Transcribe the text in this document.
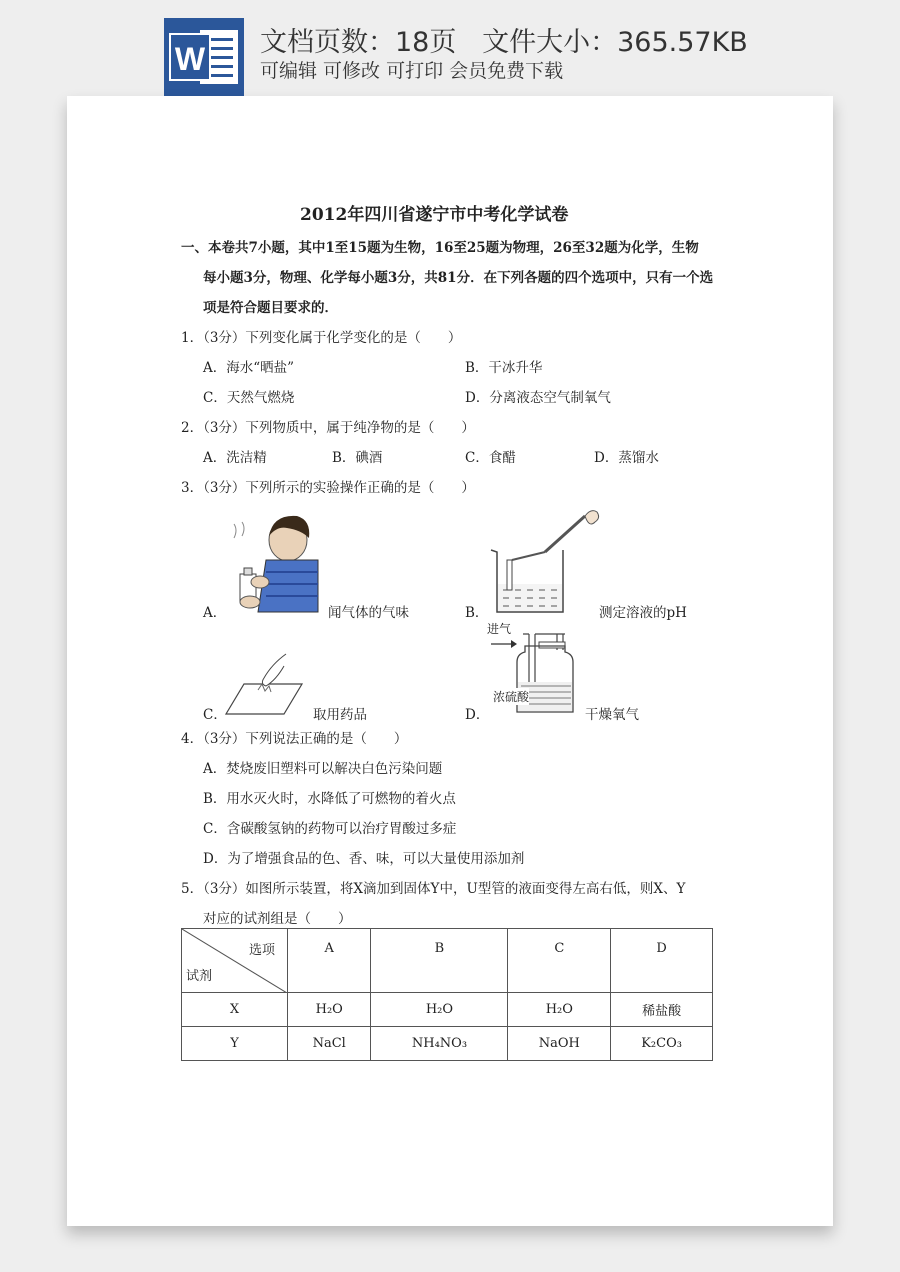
W 文档页数：18页   文件大小：365.57KB
可编辑 可修改 可打印 会员免费下载
2012年四川省遂宁市中考化学试卷
一、本卷共7小题，其中1至15题为生物，16至25题为物理，26至32题为化学，生物
每小题3分，物理、化学每小题3分，共81分．在下列各题的四个选项中，只有一个选
项是符合题目要求的．
1．（3分）下列变化属于化学变化的是（　　）
A．海水“晒盐”	B．干冰升华
C．天然气燃烧	D．分离液态空气制氧气
2．（3分）下列物质中，属于纯净物的是（　　）
A．洗洁精	B．碘酒	C．食醋	D．蒸馏水
3．（3分）下列所示的实验操作正确的是（　　）
A．	闻气体的气味	B．	测定溶液的pH
C．	取用药品
进气
浓硫酸
D．	干燥氧气
4．（3分）下列说法正确的是（　　）
A．焚烧废旧塑料可以解决白色污染问题
B．用水灭火时，水降低了可燃物的着火点
C．含碳酸氢钠的药物可以治疗胃酸过多症
D．为了增强食品的色、香、味，可以大量使用添加剂
5．（3分）如图所示装置，将X滴加到固体Y中，U型管的液面变得左高右低，则X、Y
对应的试剂组是（　　）
选项
试剂	A	B	C	D
X	H₂O	H₂O	H₂O	稀盐酸
Y	NaCl	NH₄NO₃	NaOH	K₂CO₃
